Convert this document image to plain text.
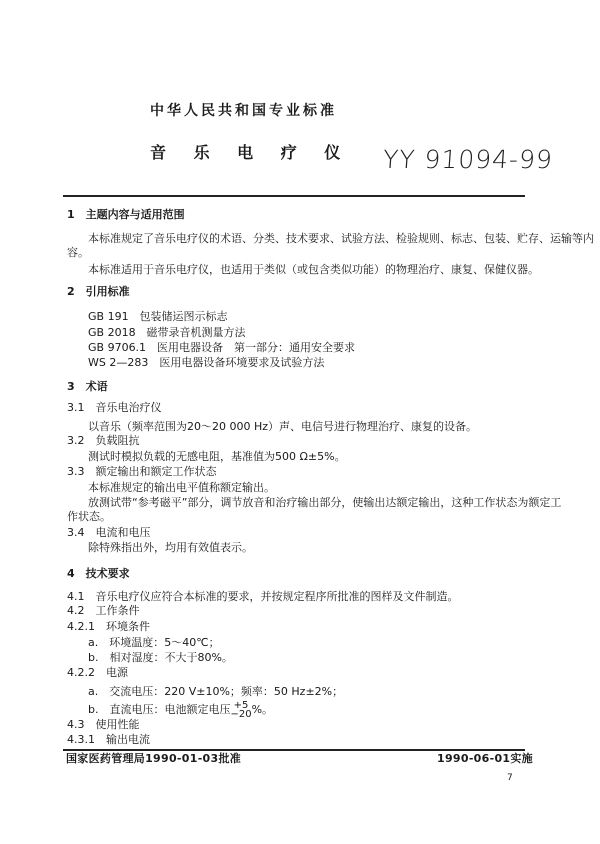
中华人民共和国专业标准
音 乐 电 疗 仪 YY 91094-99
1　主题内容与适用范围
本标准规定了音乐电疗仪的术语、分类、技术要求、试验方法、检验规则、标志、包装、贮存、运输等内
容。
本标准适用于音乐电疗仪，也适用于类似（或包含类似功能）的物理治疗、康复、保健仪器。
2　引用标准
GB 191　包装储运图示标志
GB 2018　磁带录音机测量方法
GB 9706.1　医用电器设备　第一部分：通用安全要求
WS 2—283　医用电器设备环境要求及试验方法
3　术语
3.1　音乐电治疗仪
以音乐（频率范围为20～20 000 Hz）声、电信号进行物理治疗、康复的设备。
3.2　负载阻抗
测试时模拟负载的无感电阻，基准值为500 Ω±5%。
3.3　额定输出和额定工作状态
本标准规定的输出电平值称额定输出。
放测试带“参考磁平”部分，调节放音和治疗输出部分，使输出达额定输出，这种工作状态为额定工
作状态。
3.4　电流和电压
除特殊指出外，均用有效值表示。
4　技术要求
4.1　音乐电疗仪应符合本标准的要求，并按规定程序所批准的图样及文件制造。
4.2　工作条件
4.2.1　环境条件
a.　环境温度：5～40℃；
b.　相对湿度：不大于80%。
4.2.2　电源
a.　交流电压：220 V±10%；频率：50 Hz±2%；
b.　直流电压：电池额定电压 +5
−20 %。
4.3　使用性能
4.3.1　输出电流
国家医药管理局1990-01-03批准	1990-06-01实施
7
